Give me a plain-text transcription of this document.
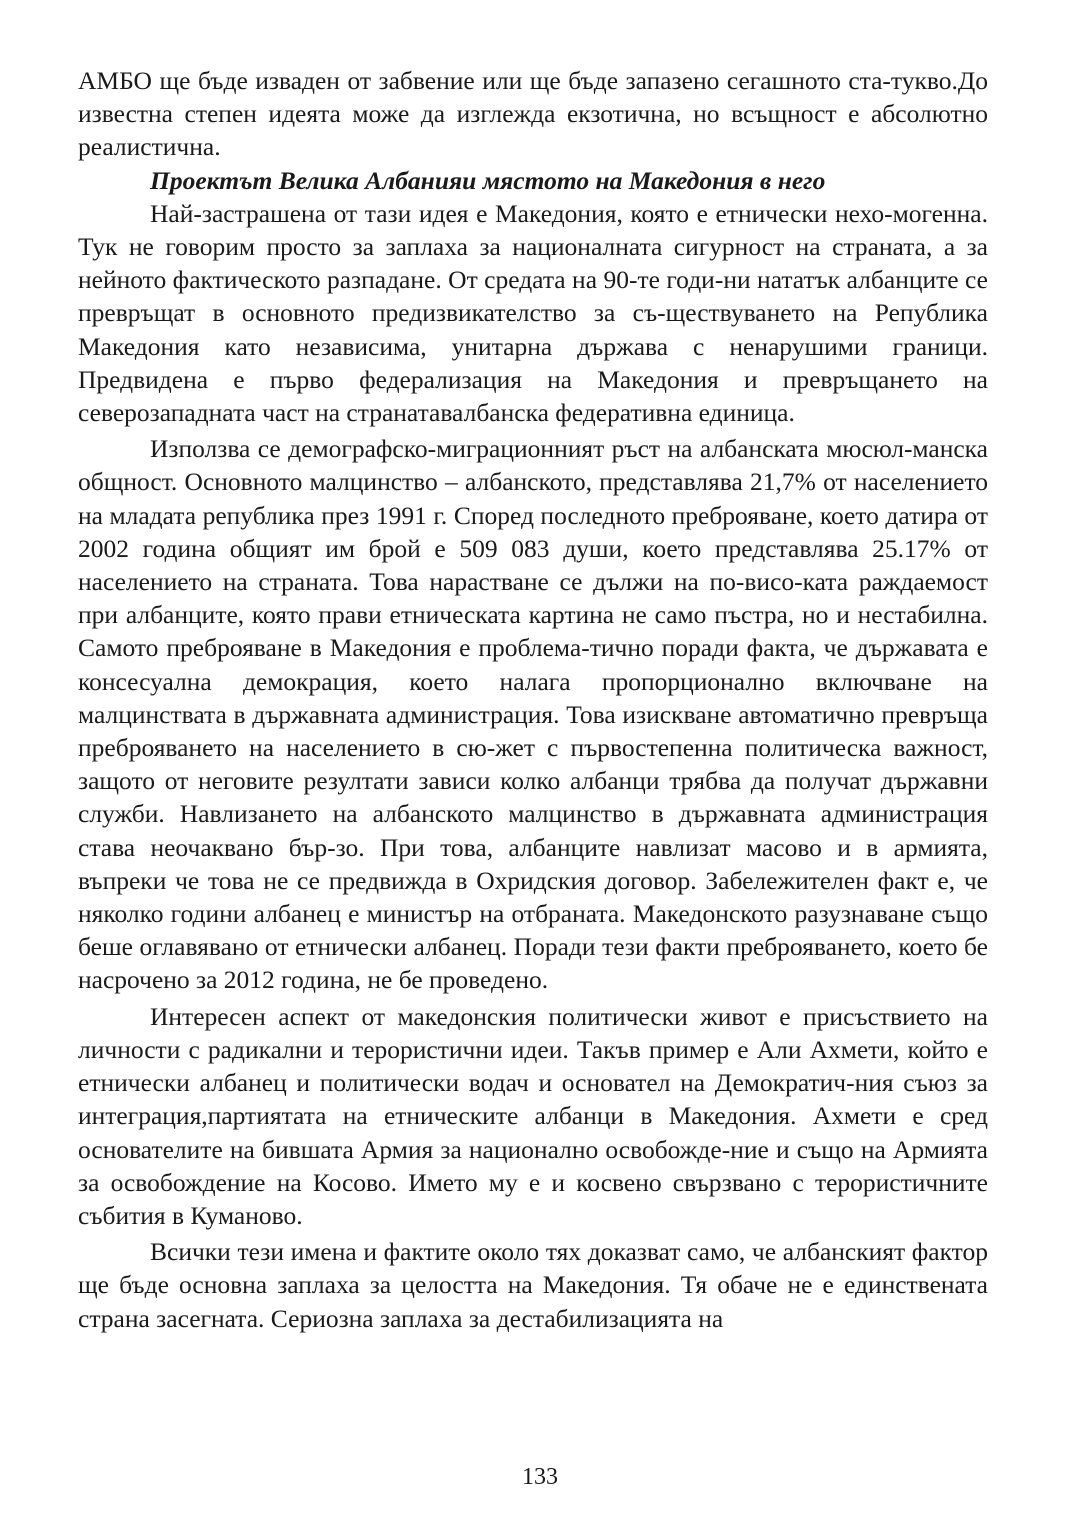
АМБО ще бъде изваден от забвение или ще бъде запазено сегашното ста-тукво.До известна степен идеята може да изглежда екзотична, но всъщност е абсолютно реалистична.

Проектът Велика Албанияи мястото на Македония в него

Най-застрашена от тази идея е Македония, която е етнически нехо-могенна. Тук не говорим просто за заплаха за националната сигурност на страната, а за нейното фактическото разпадане. От средата на 90-те годи-ни нататък албанците се превръщат в основното предизвикателство за съ-ществуването на Република Македония като независима, унитарна държава с ненарушими граници. Предвидена е първо федерализация на Македония и превръщането на северозападната част на странатавалбанска федеративна единица.

Използва се демографско-миграционният ръст на албанската мюсюл-манска общност. Основното малцинство – албанското, представлява 21,7% от населението на младата република през 1991 г. Според последното преброяване, което датира от 2002 година общият им брой е 509 083 души, което представлява 25.17% от населението на страната. Това нарастване се дължи на по-висо-ката раждаемост при албанците, която прави етническата картина не само пъстра, но и нестабилна. Самото преброяване в Македония е проблема-тично поради факта, че държавата е консесуална демокрация, което налага пропорционално включване на малцинствата в държавната администрация. Това изискване автоматично превръща преброяването на населението в сю-жет с първостепенна политическа важност, защото от неговите резултати зависи колко албанци трябва да получат държавни служби. Навлизането на албанското малцинство в държавната администрация става неочаквано бър-зо. При това, албанците навлизат масово и в армията, въпреки че това не се предвижда в Охридския договор. Забележителен факт е, че няколко години албанец е министър на отбраната. Македонското разузнаване също беше оглавявано от етнически албанец. Поради тези факти преброяването, което бе насрочено за 2012 година, не бе проведено.

Интересен аспект от македонския политически живот е присъствието на личности с радикални и терористични идеи. Такъв пример е Али Ахмети, който е етнически албанец и политически водач и основател на Демократич-ния съюз за интеграция,партиятата на етническите албанци в Македония. Ахмети е сред основателите на бившата Армия за национално освобожде-ние и също на Армията за освобождение на Косово. Името му е и косвено свързвано с терористичните събития в Куманово.

Всички тези имена и фактите около тях доказват само, че албанският фактор ще бъде основна заплаха за целостта на Македония. Тя обаче не е единствената страна засегната. Сериозна заплаха за дестабилизацията на

133
